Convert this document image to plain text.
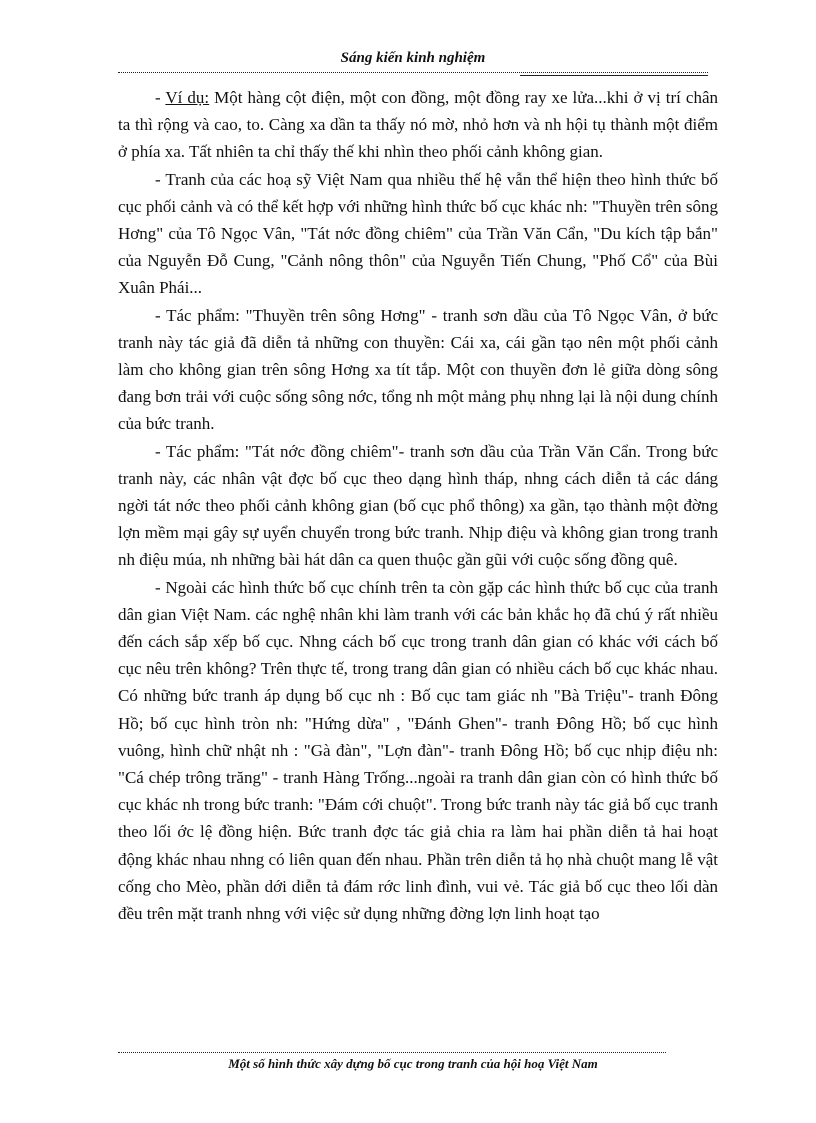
Sáng kiến kinh nghiệm

- Ví dụ: Một hàng cột điện, một con đồng, một đồng ray xe lửa...khi ở vị trí chân ta thì rộng và cao, to. Càng xa dần ta thấy nó mờ, nhỏ hơn và nh hội tụ thành một điểm ở phía xa. Tất nhiên ta chỉ thấy thế khi nhìn theo phối cảnh không gian.

- Tranh của các hoạ sỹ Việt Nam qua nhiều thế hệ vẫn thể hiện theo hình thức bố cục phối cảnh và có thể kết hợp với những hình thức bố cục khác nh: "Thuyền trên sông Hơng" của Tô Ngọc Vân, "Tát nớc đồng chiêm" của Trần Văn Cẩn, "Du kích tập bắn" của Nguyễn Đỗ Cung, "Cảnh nông thôn" của Nguyễn Tiến Chung, "Phố Cổ" của Bùi Xuân Phái...

- Tác phẩm: "Thuyền trên sông Hơng" - tranh sơn dầu của Tô Ngọc Vân, ở bức tranh này tác giả đã diễn tả những con thuyền: Cái xa, cái gần tạo nên một phối cảnh làm cho không gian trên sông Hơng xa tít tắp. Một con thuyền đơn lẻ giữa dòng sông đang bơn trải với cuộc sống sông nớc, tổng nh một mảng phụ nhng lại là nội dung chính của bức tranh.

- Tác phẩm: "Tát nớc đồng chiêm"- tranh sơn dầu của Trần Văn Cẩn. Trong bức tranh này, các nhân vật đợc bố cục theo dạng hình tháp, nhng cách diễn tả các dáng ngời tát nớc theo phối cảnh không gian (bố cục phổ thông) xa gần, tạo thành một đờng lợn mềm mại gây sự uyển chuyển trong bức tranh. Nhịp điệu và không gian trong tranh nh điệu múa, nh những bài hát dân ca quen thuộc gần gũi với cuộc sống đồng quê.

- Ngoài các hình thức bố cục chính trên ta còn gặp các hình thức bố cục của tranh dân gian Việt Nam. các nghệ nhân khi làm tranh với các bản khắc họ đã chú ý rất nhiều đến cách sắp xếp bố cục. Nhng cách bố cục trong tranh dân gian có khác với cách bố cục nêu trên không? Trên thực tế, trong trang dân gian có nhiều cách bố cục khác nhau. Có những bức tranh áp dụng bố cục nh : Bố cục tam giác nh "Bà Triệu"- tranh Đông Hồ; bố cục hình tròn nh: "Hứng dừa" , "Đánh Ghen"- tranh Đông Hồ; bố cục hình vuông, hình chữ nhật nh : "Gà đàn", "Lợn đàn"- tranh Đông Hồ; bố cục nhịp điệu nh: "Cá chép trông trăng" - tranh Hàng Trống...ngoài ra tranh dân gian còn có hình thức bố cục khác nh trong bức tranh: "Đám cới chuột". Trong bức tranh này tác giả bố cục tranh theo lối ớc lệ đồng hiện. Bức tranh đợc tác giả chia ra làm hai phần diễn tả hai hoạt động khác nhau nhng có liên quan đến nhau. Phần trên diễn tả họ nhà chuột mang lễ vật cống cho Mèo, phần dới diễn tả đám rớc linh đình, vui vẻ. Tác giả bố cục theo lối dàn đều trên mặt tranh nhng với việc sử dụng những đờng lợn linh hoạt tạo

Một số hình thức xây dựng bố cục trong tranh của hội hoạ Việt Nam
